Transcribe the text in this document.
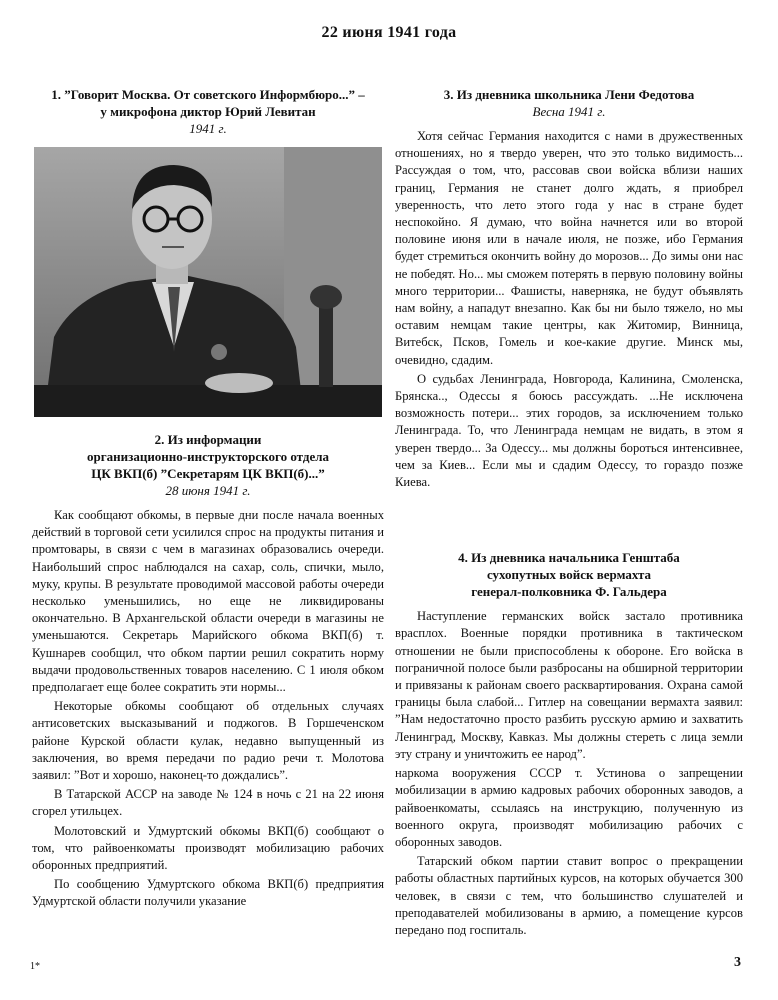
22 июня 1941 года
1. ”Говорит Москва. От советского Информбюро...” –
у микрофона диктор Юрий Левитан
1941 г.
2. Из информации
организационно-инструкторского отдела
ЦК ВКП(б) ”Секретарям ЦК ВКП(б)...”
28 июня 1941 г.

Как сообщают обкомы, в первые дни после начала военных действий в торговой сети усилился спрос на продукты питания и промтовары, в связи с чем в магазинах образовались очереди. Наибольший спрос наблюдался на сахар, соль, спички, мыло, муку, крупы. В результате проводимой массовой работы очереди несколько уменьшились, но еще не ликвидированы окончательно. В Архангельской области очереди в магазины не уменьшаются. Секретарь Марийского обкома ВКП(б) т. Кушнарев сообщил, что обком партии решил сократить норму выдачи продовольственных товаров населению. С 1 июля обком предполагает еще более сократить эти нормы...

Некоторые обкомы сообщают об отдельных случаях антисоветских высказываний и поджогов. В Горшеченском районе Курской области кулак, недавно выпущенный из заключения, во время передачи по радио речи т. Молотова заявил: ”Вот и хорошо, наконец-то дождались”.

В Татарской АССР на заводе № 124 в ночь с 21 на 22 июня сгорел утильцех.

Молотовский и Удмуртский обкомы ВКП(б) сообщают о том, что райвоенкоматы производят мобилизацию рабочих оборонных предприятий.

По сообщению Удмуртского обкома ВКП(б) предприятия Удмуртской области получили указание

3. Из дневника школьника Лени Федотова
Весна 1941 г.

Хотя сейчас Германия находится с нами в дружественных отношениях, но я твердо уверен, что это только видимость... Рассуждая о том, что, рассовав свои войска вблизи наших границ, Германия не станет долго ждать, я приобрел уверенность, что лето этого года у нас в стране будет неспокойно. Я думаю, что война начнется или во второй половине июня или в начале июля, не позже, ибо Германия будет стремиться окончить войну до морозов... До зимы они нас не победят. Но... мы сможем потерять в первую половину войны много территории... Фашисты, наверняка, не будут объявлять нам войну, а нападут внезапно. Как бы ни было тяжело, но мы оставим немцам такие центры, как Житомир, Винница, Витебск, Псков, Гомель и кое-какие другие. Минск мы, очевидно, сдадим.

О судьбах Ленинграда, Новгорода, Калинина, Смоленска, Брянска.., Одессы я боюсь рассуждать. ...Не исключена возможность потери... этих городов, за исключением только Ленинграда. То, что Ленинграда немцам не видать, в этом я уверен твердо... За Одессу... мы должны бороться интенсивнее, чем за Киев... Если мы и сдадим Одессу, то гораздо позже Киева.

4. Из дневника начальника Генштаба
сухопутных войск вермахта
генерал-полковника Ф. Гальдера

Наступление германских войск застало противника врасплох. Военные порядки противника в тактическом отношении не были приспособлены к обороне. Его войска в пограничной полосе были разбросаны на обширной территории и привязаны к районам своего расквартирования. Охрана самой границы была слабой... Гитлер на совещании вермахта заявил: ”Нам недостаточно просто разбить русскую армию и захватить Ленинград, Москву, Кавказ. Мы должны стереть с лица земли эту страну и уничтожить ее народ”.

наркома вооружения СССР т. Устинова о запрещении мобилизации в армию кадровых рабочих оборонных заводов, а райвоенкоматы, ссылаясь на инструкцию, полученную из военного округа, производят мобилизацию рабочих с оборонных заводов.

Татарский обком партии ставит вопрос о прекращении работы областных партийных курсов, на которых обучается 300 человек, в связи с тем, что большинство слушателей и преподавателей мобилизованы в армию, а помещение курсов передано под госпиталь.

1*	3
